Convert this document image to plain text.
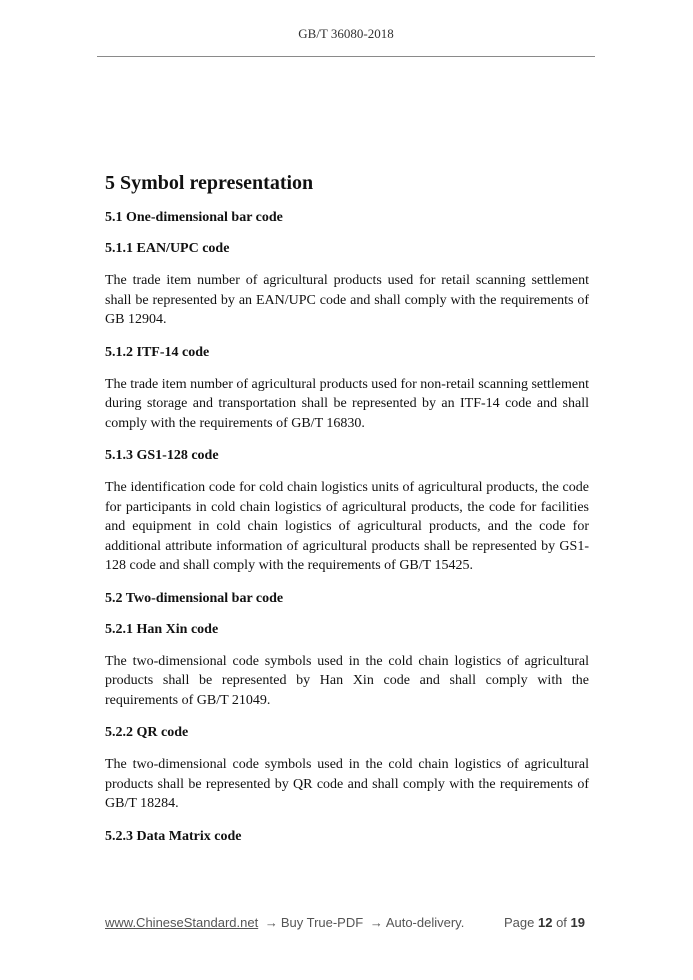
GB/T 36080-2018
5 Symbol representation
5.1 One-dimensional bar code
5.1.1 EAN/UPC code

The trade item number of agricultural products used for retail scanning settlement shall be represented by an EAN/UPC code and shall comply with the requirements of GB 12904.

5.1.2 ITF-14 code

The trade item number of agricultural products used for non-retail scanning settlement during storage and transportation shall be represented by an ITF-14 code and shall comply with the requirements of GB/T 16830.

5.1.3 GS1-128 code

The identification code for cold chain logistics units of agricultural products, the code for participants in cold chain logistics of agricultural products, the code for facilities and equipment in cold chain logistics of agricultural products, and the code for additional attribute information of agricultural products shall be represented by GS1-128 code and shall comply with the requirements of GB/T 15425.

5.2 Two-dimensional bar code
5.2.1 Han Xin code

The two-dimensional code symbols used in the cold chain logistics of agricultural products shall be represented by Han Xin code and shall comply with the requirements of GB/T 21049.

5.2.2 QR code

The two-dimensional code symbols used in the cold chain logistics of agricultural products shall be represented by QR code and shall comply with the requirements of GB/T 18284.

5.2.3 Data Matrix code
www.ChineseStandard.net → Buy True-PDF → Auto-delivery.	Page 12 of 19
